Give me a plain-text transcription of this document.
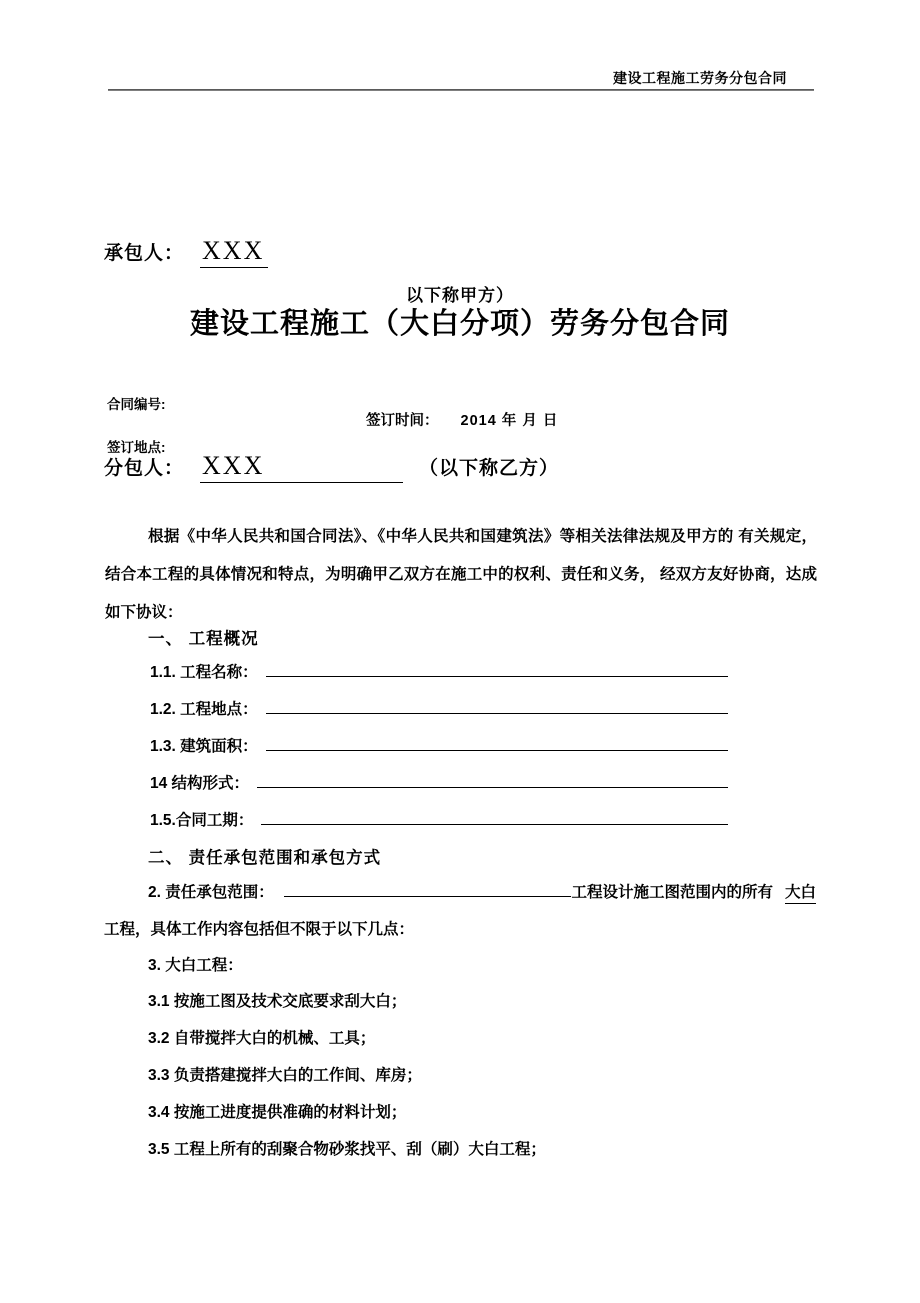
建设工程施工劳务分包合同
承包人： XXX
以下称甲方）
建设工程施工（大白分项）劳务分包合同
合同编号:
签订时间： 2014 年 月 日
签订地点:
分包人： XXX	（以下称乙方）
根据《中华人民共和国合同法》、《中华人民共和国建筑法》等相关法律法规及甲方的 有关规定，结合本工程的具体情况和特点，为明确甲乙双方在施工中的权利、责任和义务， 经双方友好协商，达成如下协议：
一、 工程概况
1.1. 工程名称：
1.2. 工程地点：
1.3. 建筑面积：
14 结构形式：
1.5.合同工期：
二、 责任承包范围和承包方式
2. 责任承包范围：	工程设计施工图范围内的所有 大白
工程，具体工作内容包括但不限于以下几点：
3. 大白工程：
3.1 按施工图及技术交底要求刮大白；
3.2 自带搅拌大白的机械、工具；
3.3 负责搭建搅拌大白的工作间、库房；
3.4 按施工进度提供准确的材料计划；
3.5 工程上所有的刮聚合物砂浆找平、刮（刷）大白工程；
